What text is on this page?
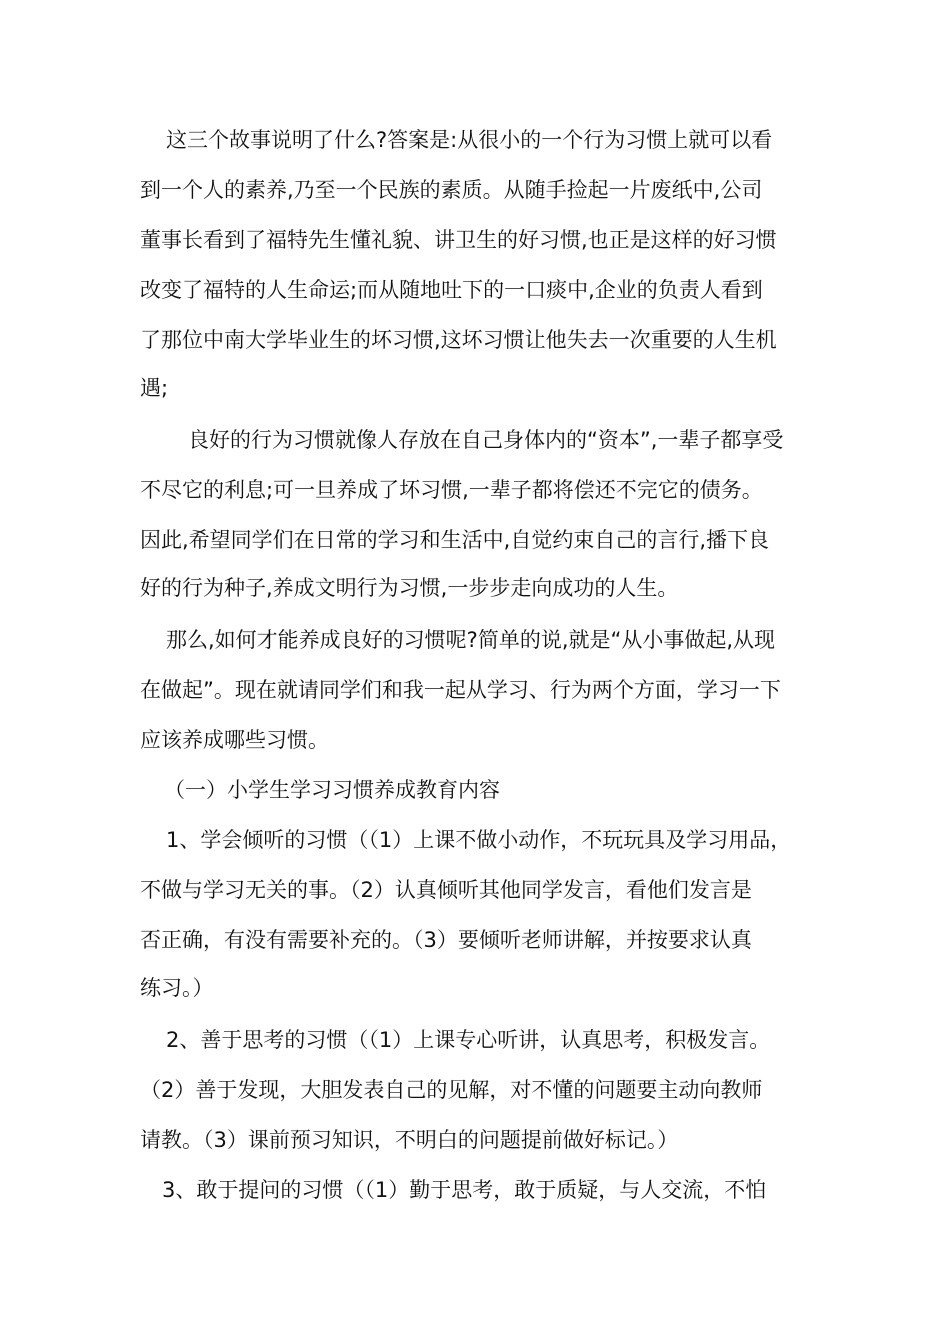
这三个故事说明了什么?答案是:从很小的一个行为习惯上就可以看
到一个人的素养,乃至一个民族的素质。从随手捡起一片废纸中,公司
董事长看到了福特先生懂礼貌、讲卫生的好习惯,也正是这样的好习惯
改变了福特的人生命运;而从随地吐下的一口痰中,企业的负责人看到
了那位中南大学毕业生的坏习惯,这坏习惯让他失去一次重要的人生机
遇;
良好的行为习惯就像人存放在自己身体内的“资本”,一辈子都享受
不尽它的利息;可一旦养成了坏习惯,一辈子都将偿还不完它的债务。
因此,希望同学们在日常的学习和生活中,自觉约束自己的言行,播下良
好的行为种子,养成文明行为习惯,一步步走向成功的人生。
那么,如何才能养成良好的习惯呢?简单的说,就是“从小事做起,从现
在做起”。现在就请同学们和我一起从学习、行为两个方面，学习一下
应该养成哪些习惯。
（一）小学生学习习惯养成教育内容
1、学会倾听的习惯（（1）上课不做小动作，不玩玩具及学习用品，
不做与学习无关的事。（2）认真倾听其他同学发言，看他们发言是
否正确，有没有需要补充的。（3）要倾听老师讲解，并按要求认真
练习。）
2、善于思考的习惯（（1）上课专心听讲，认真思考，积极发言。
（2）善于发现，大胆发表自己的见解，对不懂的问题要主动向教师
请教。（3）课前预习知识，不明白的问题提前做好标记。）
3、敢于提问的习惯（（1）勤于思考，敢于质疑，与人交流，不怕
